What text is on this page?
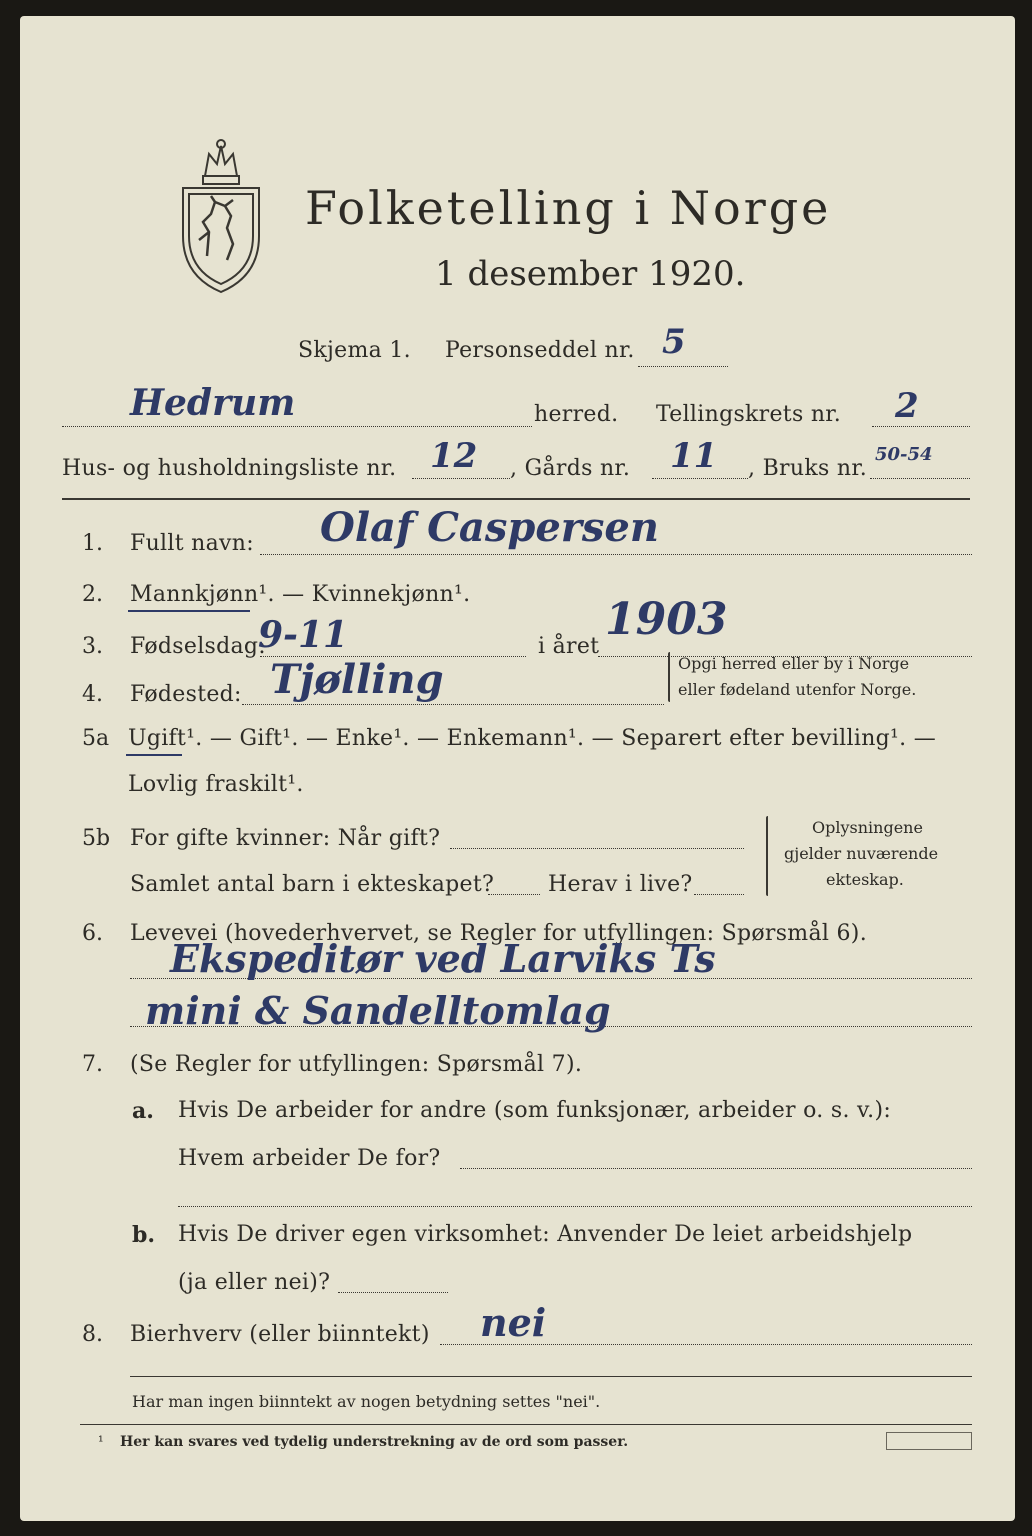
Folketelling i Norge
1 desember 1920.
Skjema 1. Personseddel nr. 5
Hedrum	herred. Tellingskrets nr. 2
Hus- og husholdningsliste nr. 12 , Gårds nr. 11 , Bruks nr.
50-54
1. Fullt navn: Olaf Caspersen
2. Mannkjønn¹. — Kvinnekjønn¹.
3. Fødselsdag:
9-11	i året
1903
4. Fødested: Tjølling	Opgi herred eller by i Norge
eller fødeland utenfor Norge.
5a Ugift¹. — Gift¹. — Enke¹. — Enkemann¹. — Separert efter bevilling¹. —
Lovlig fraskilt¹.
5b For gifte kvinner: Når gift?
Samlet antal barn i ekteskapet? Herav i live?
Oplysningene
gjelder nuværende
ekteskap.
6. Levevei (hovederhvervet, se Regler for utfyllingen: Spørsmål 6).
Ekspeditør ved Larviks Ts
mini & Sandelltomlag
7. (Se Regler for utfyllingen: Spørsmål 7).
a. Hvis De arbeider for andre (som funksjonær, arbeider o. s. v.):
Hvem arbeider De for?
b. Hvis De driver egen virksomhet: Anvender De leiet arbeidshjelp
(ja eller nei)?
8. Bierhverv (eller biinntekt) nei
Har man ingen biinntekt av nogen betydning settes "nei".
¹ Her kan svares ved tydelig understrekning av de ord som passer.
